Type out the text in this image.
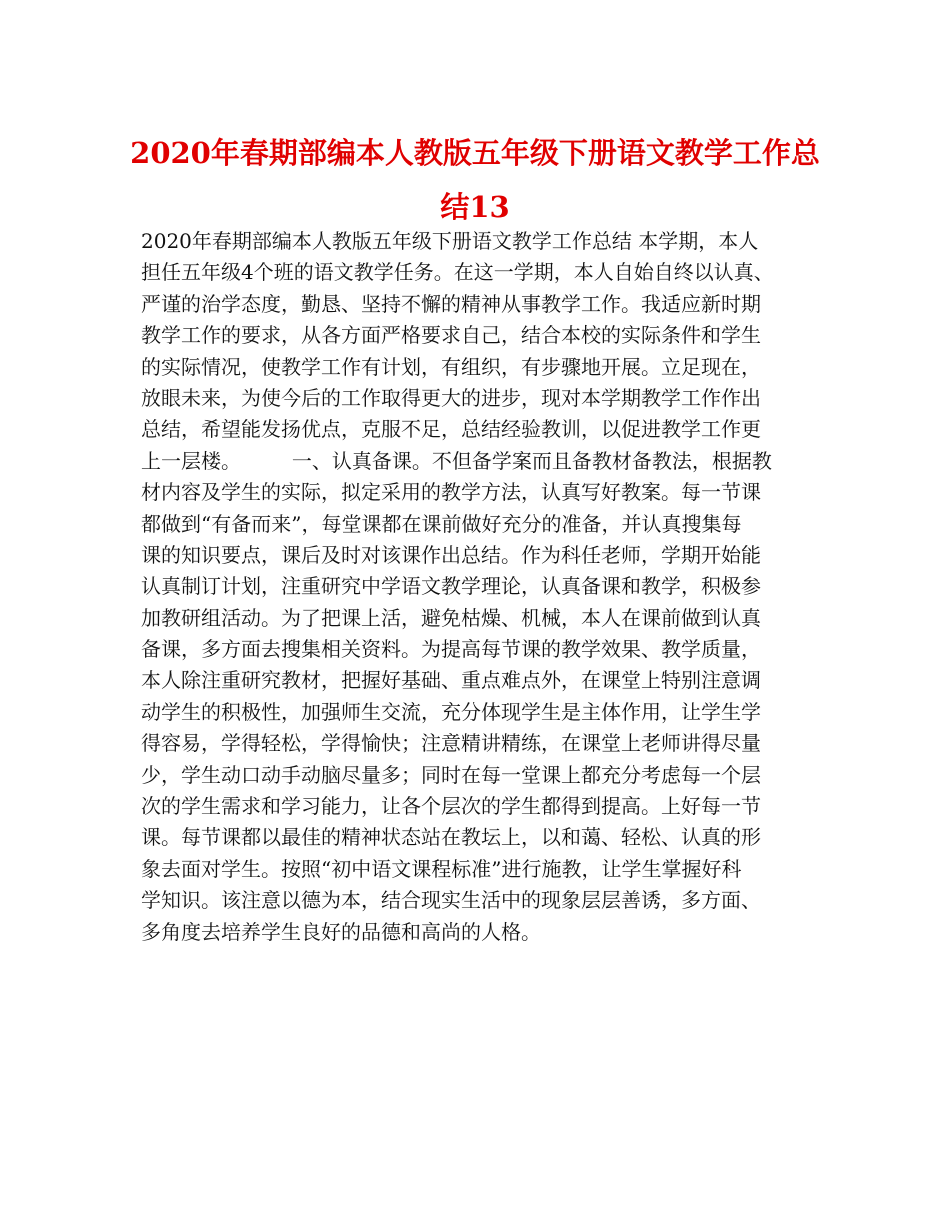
2020年春期部编本人教版五年级下册语文教学工作总
结13
2020年春期部编本人教版五年级下册语文教学工作总结 本学期，本人
担任五年级4个班的语文教学任务。在这一学期，本人自始自终以认真、
严谨的治学态度，勤恳、坚持不懈的精神从事教学工作。我适应新时期
教学工作的要求，从各方面严格要求自己，结合本校的实际条件和学生
的实际情况，使教学工作有计划，有组织，有步骤地开展。立足现在，
放眼未来，为使今后的工作取得更大的进步，现对本学期教学工作作出
总结，希望能发扬优点，克服不足，总结经验教训，以促进教学工作更
上一层楼。        一、认真备课。不但备学案而且备教材备教法，根据教
材内容及学生的实际，拟定采用的教学方法，认真写好教案。每一节课
都做到“有备而来”，每堂课都在课前做好充分的准备，并认真搜集每
课的知识要点，课后及时对该课作出总结。作为科任老师，学期开始能
认真制订计划，注重研究中学语文教学理论，认真备课和教学，积极参
加教研组活动。为了把课上活，避免枯燥、机械，本人在课前做到认真
备课，多方面去搜集相关资料。为提高每节课的教学效果、教学质量，
本人除注重研究教材，把握好基础、重点难点外，在课堂上特别注意调
动学生的积极性，加强师生交流，充分体现学生是主体作用，让学生学
得容易，学得轻松，学得愉快；注意精讲精练，在课堂上老师讲得尽量
少，学生动口动手动脑尽量多；同时在每一堂课上都充分考虑每一个层
次的学生需求和学习能力，让各个层次的学生都得到提高。上好每一节
课。每节课都以最佳的精神状态站在教坛上，以和蔼、轻松、认真的形
象去面对学生。按照“初中语文课程标准”进行施教，让学生掌握好科
学知识。该注意以德为本，结合现实生活中的现象层层善诱，多方面、
多角度去培养学生良好的品德和高尚的人格。
